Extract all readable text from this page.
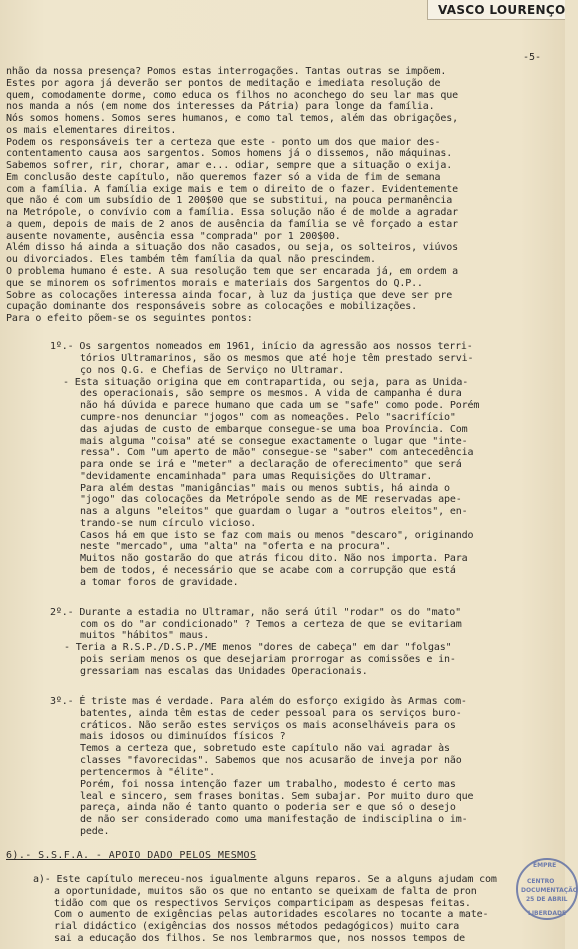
VASCO LOURENÇO
-5-
nhão da nossa presença? Pomos estas interrogações. Tantas outras se impõem.
Estes por agora já deverão ser pontos de meditação e imediata resolução de
quem, comodamente dorme, como educa os filhos no aconchego do seu lar mas que
nos manda a nós (em nome dos interesses da Pátria) para longe da família.
Nós somos homens. Somos seres humanos, e como tal temos, além das obrigações,
os mais elementares direitos.
Podem os responsáveis ter a certeza que este - ponto um dos que maior des-
contentamento causa aos sargentos. Somos homens já o dissemos, não máquinas.
Sabemos sofrer, rir, chorar, amar e... odiar, sempre que a situação o exija.
Em conclusão deste capítulo, não queremos fazer só a vida de fim de semana
com a família. A família exige mais e tem o direito de o fazer. Evidentemente
que não é com um subsídio de 1 200$00 que se substitui, na pouca permanência
na Metrópole, o convívio com a família. Essa solução não é de molde a agradar
a quem, depois de mais de 2 anos de ausência da família se vê forçado a estar
ausente novamente, ausência essa "comprada" por 1 200$00.
Além disso há ainda a situação dos não casados, ou seja, os solteiros, viúvos
ou divorciados. Eles também têm família da qual não prescindem.
O problema humano é este. A sua resolução tem que ser encarada já, em ordem a
que se minorem os sofrimentos morais e materiais dos Sargentos do Q.P..
Sobre as colocações interessa ainda focar, à luz da justiça que deve ser pre
cupação dominante dos responsáveis sobre as colocações e mobilizações.
Para o efeito põem-se os seguintes pontos:
1º.- Os sargentos nomeados em 1961, início da agressão aos nossos terri-
tórios Ultramarinos, são os mesmos que até hoje têm prestado servi-
ço nos Q.G. e Chefias de Serviço no Ultramar.
- Esta situação origina que em contrapartida, ou seja, para as Unida-
des operacionais, são sempre os mesmos. A vida de campanha é dura
não há dúvida e parece humano que cada um se "safe" como pode. Porém
cumpre-nos denunciar "jogos" com as nomeações. Pelo "sacrifício"
das ajudas de custo de embarque consegue-se uma boa Província. Com
mais alguma "coisa" até se consegue exactamente o lugar que "inte-
ressa". Com "um aperto de mão" consegue-se "saber" com antecedência
para onde se irá e "meter" a declaração de oferecimento" que será
"devidamente encaminhada" para umas Requisições do Ultramar.
Para além destas "manigâncias" mais ou menos subtis, há ainda o
"jogo" das colocações da Metrópole sendo as de ME reservadas ape-
nas a alguns "eleitos" que guardam o lugar a "outros eleitos", en-
trando-se num círculo vicioso.
Casos há em que isto se faz com mais ou menos "descaro", originando
neste "mercado", uma "alta" na "oferta e na procura".
Muitos não gostarão do que atrás ficou dito. Não nos importa. Para
bem de todos, é necessário que se acabe com a corrupção que está
a tomar foros de gravidade.
2º.- Durante a estadia no Ultramar, não será útil "rodar" os do "mato"
com os do "ar condicionado" ? Temos a certeza de que se evitariam
muitos "hábitos" maus.
- Teria a R.S.P./D.S.P./ME menos "dores de cabeça" em dar "folgas"
pois seriam menos os que desejariam prorrogar as comissões e in-
gressariam nas escalas das Unidades Operacionais.
3º.- É triste mas é verdade. Para além do esforço exigido às Armas com-
batentes, ainda têm estas de ceder pessoal para os serviços buro-
cráticos. Não serão estes serviços os mais aconselháveis para os
mais idosos ou diminuídos físicos ?
Temos a certeza que, sobretudo este capítulo não vai agradar às
classes "favorecidas". Sabemos que nos acusarão de inveja por não
pertencermos à "élite".
Porém, foi nossa intenção fazer um trabalho, modesto é certo mas
leal e sincero, sem frases bonitas. Sem subajar. Por muito duro que
pareça, ainda não é tanto quanto o poderia ser e que só o desejo
de não ser considerado como uma manifestação de indisciplina o im-
pede.
6).- S.S.F.A. - APOIO DADO PELOS MESMOS
a)- Este capítulo mereceu-nos igualmente alguns reparos. Se a alguns ajudam com
a oportunidade, muitos são os que no entanto se queixam de falta de pron
tidão com que os respectivos Serviços comparticipam as despesas feitas.
Com o aumento de exigências pelas autoridades escolares no tocante a mate-
rial didáctico (exigências dos nossos métodos pedagógicos) muito cara
sai a educação dos filhos. Se nos lembrarmos que, nos nossos tempos de
EMPRE
CENTRO
DOCUMENTAÇÃO
25 DE ABRIL
LIBERDADE
